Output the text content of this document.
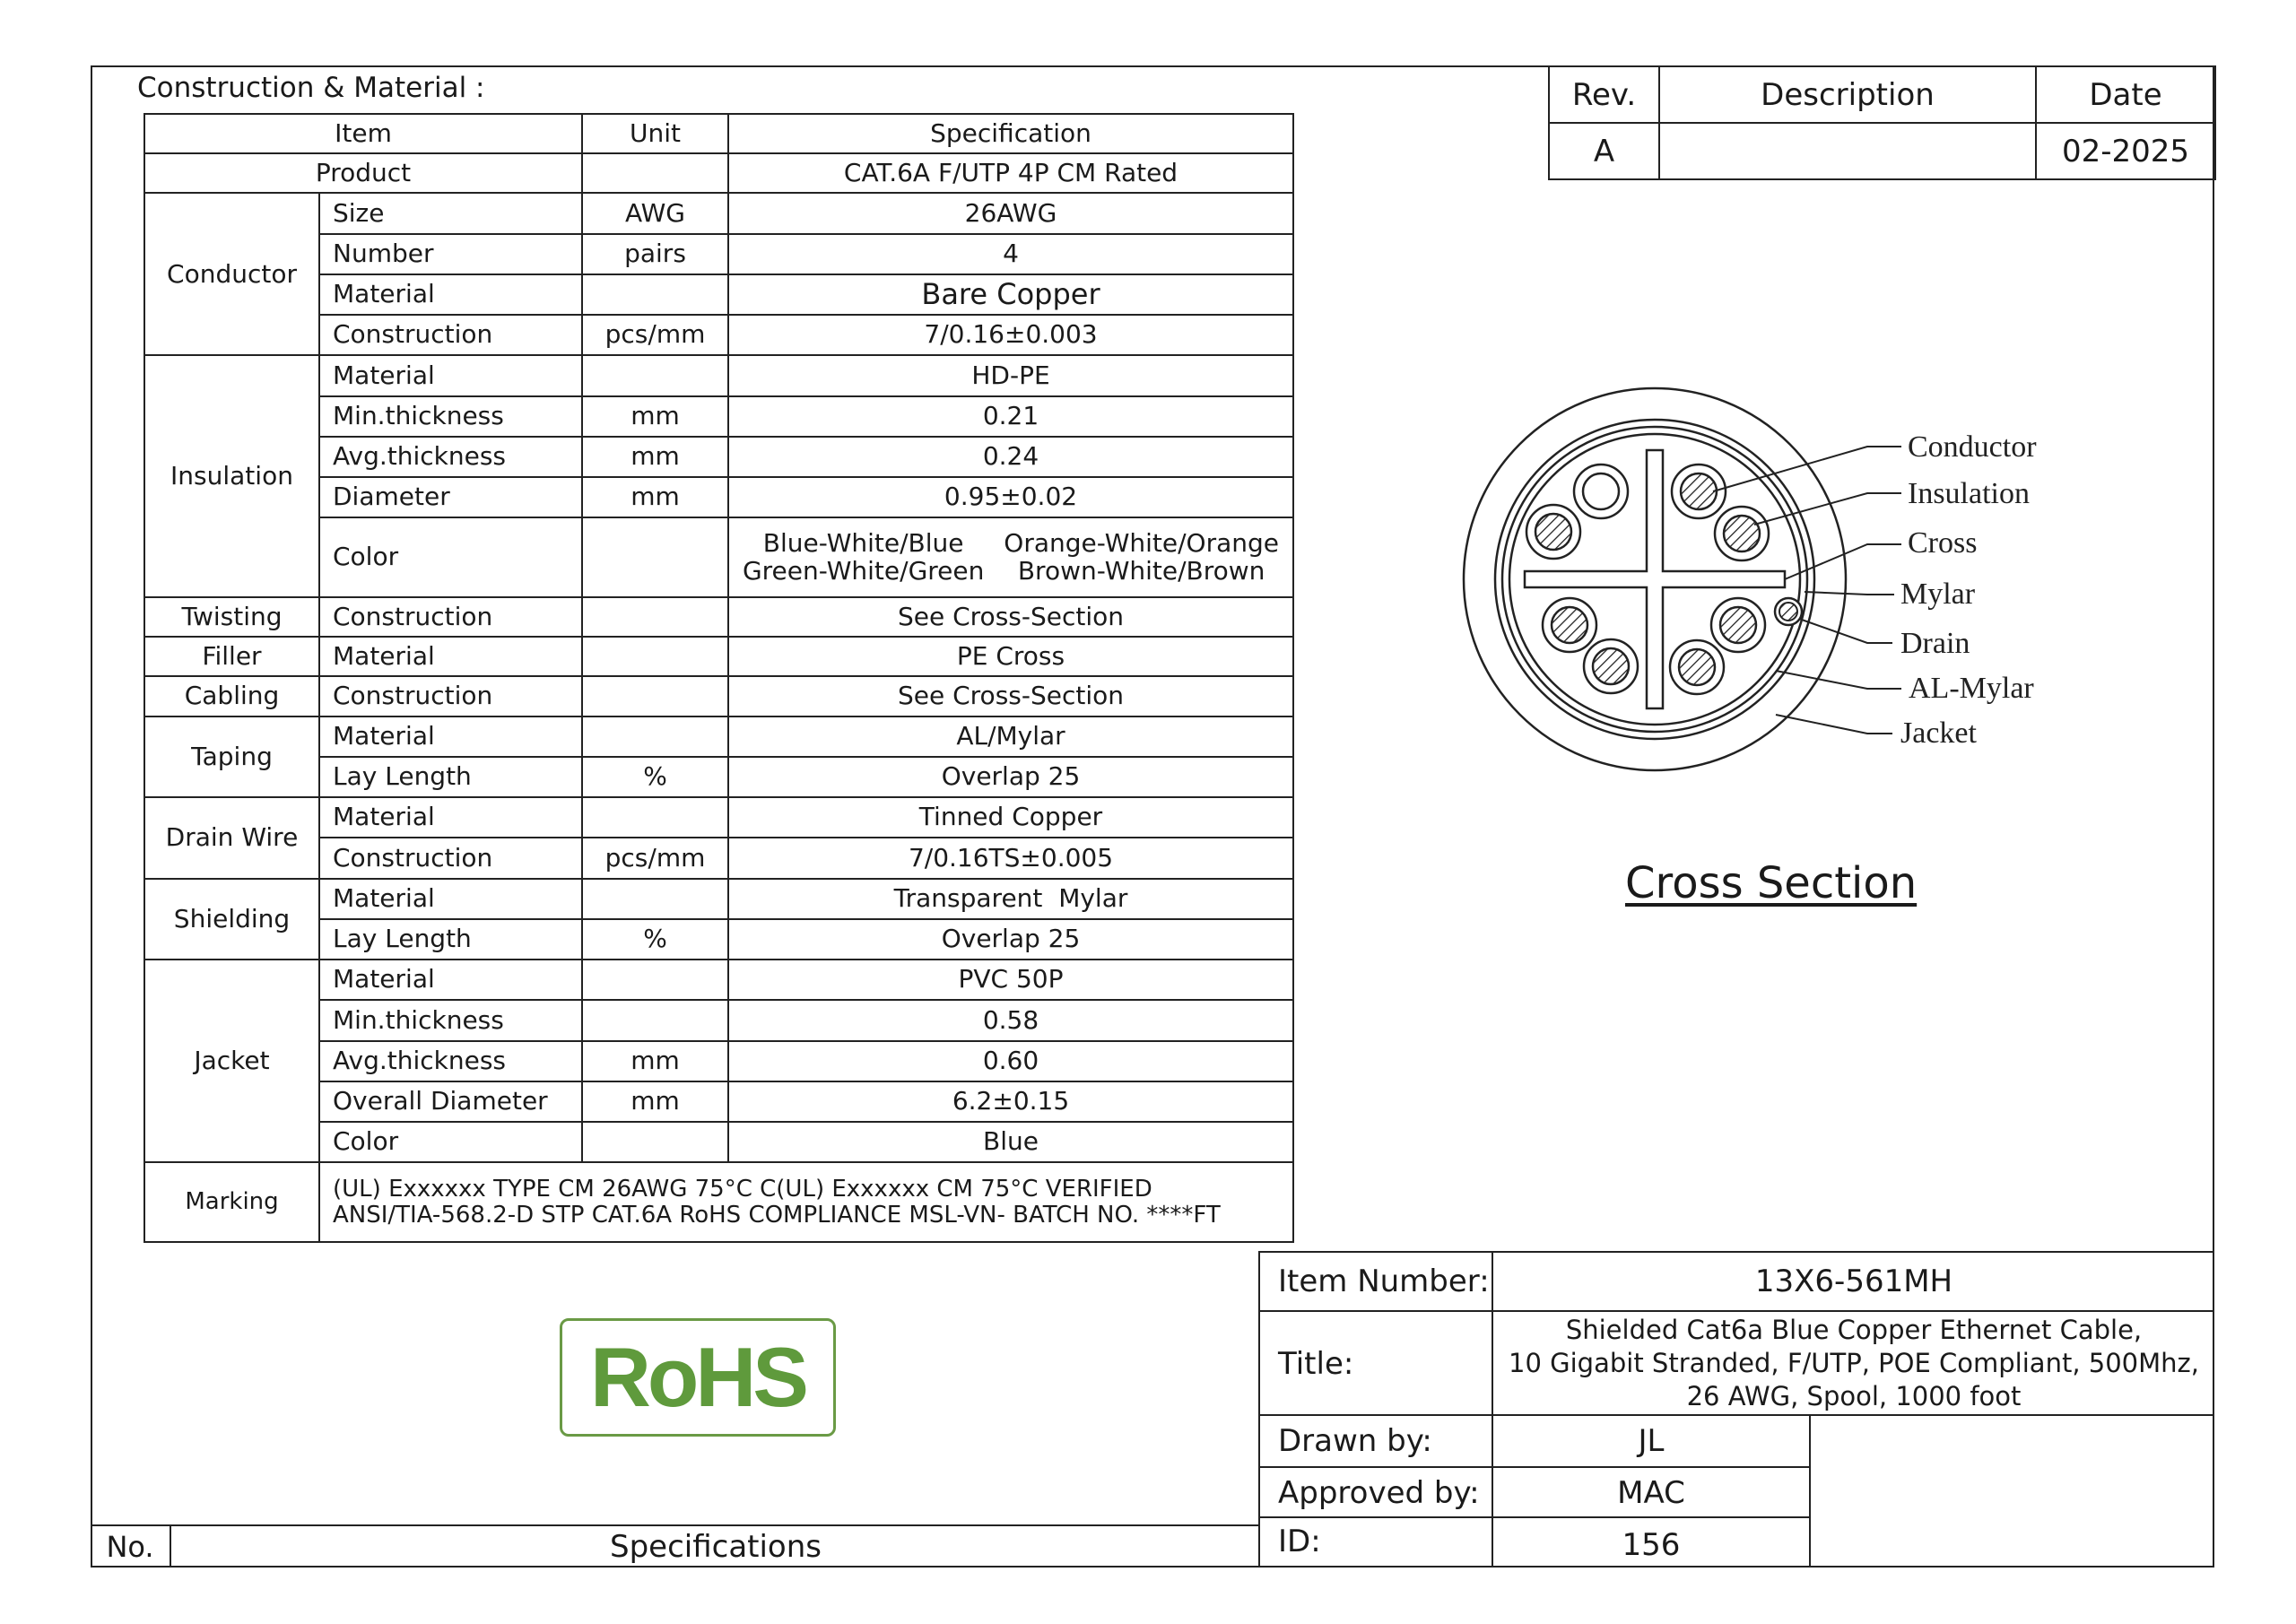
Construction & Material :
Item		Unit	Specification
Product			CAT.6A F/UTP 4P CM Rated
Conductor	Size	AWG	26AWG
	Number	pairs	4
	Material		Bare Copper
	Construction	pcs/mm	7/0.16±0.003
Insulation	Material		HD-PE
	Min.thickness	mm	0.21
	Avg.thickness	mm	0.24
	Diameter	mm	0.95±0.02
	Color		Blue-White/Blue
Green-White/Green
Orange-White/Orange
Brown-White/Brown

Twisting	Construction		See Cross-Section
Filler	Material		PE Cross
Cabling	Construction		See Cross-Section
Taping	Material		AL/Mylar
	Lay Length	%	Overlap 25
Drain Wire	Material		Tinned Copper
	Construction	pcs/mm	7/0.16TS±0.005
Shielding	Material		Transparent  Mylar
	Lay Length	%	Overlap 25
Jacket	Material		PVC 50P
	Min.thickness		0.58
	Avg.thickness	mm	0.60
	Overall Diameter	mm	6.2±0.15
	Color		Blue
Marking	(UL) Exxxxxx TYPE CM 26AWG 75°C C(UL) Exxxxxx CM 75°C VERIFIED
ANSI/TIA-568.2-D STP CAT.6A RoHS COMPLIANCE MSL-VN- BATCH NO. ****FT		
Rev.	Description	Date
A		02-2025
Conductor
Insulation
Cross
Mylar
Drain
AL-Mylar
Jacket
Cross Section
RoHS
No.	Specifications
Item Number:	13X6-561MH
Title:
Shielded Cat6a Blue Copper Ethernet Cable,
10 Gigabit Stranded, F/UTP, POE Compliant, 500Mhz,
26 AWG, Spool, 1000 foot
Drawn by:	JL
Approved by:	MAC
ID:	156
